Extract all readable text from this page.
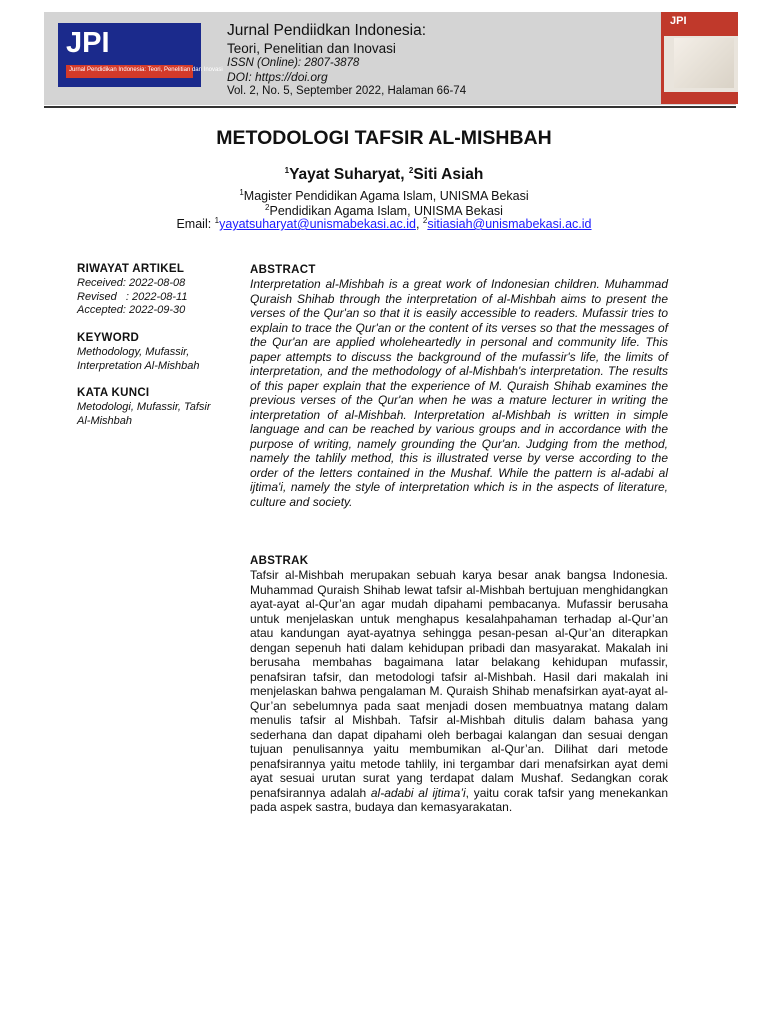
JPI
Jurnal Pendidikan Indonesia: Teori, Penelitian dan Inovasi
Jurnal Pendiidkan Indonesia:
Teori, Penelitian dan Inovasi
ISSN (Online): 2807-3878
DOI: https://doi.org
Vol. 2, No. 5, September 2022, Halaman 66-74
JPI
METODOLOGI TAFSIR AL-MISHBAH
$^1$Yayat Suharyat, $^2$Siti Asiah
$^1$Magister Pendidikan Agama Islam, UNISMA Bekasi
$^2$Pendidikan Agama Islam, UNISMA Bekasi
Email: $^1$yayatsuharyat@unismabekasi.ac.id, $^2$sitiasiah@unismabekasi.ac.id
RIWAYAT ARTIKEL
Received: 2022-08-08
Revised   : 2022-08-11
Accepted: 2022-09-30
KEYWORD
Methodology, Mufassir,
Interpretation Al-Mishbah
KATA KUNCI
Metodologi, Mufassir, Tafsir
Al-Mishbah
ABSTRACT
Interpretation al-Mishbah is a great work of Indonesian children. Muhammad Quraish Shihab through the interpretation of al-Mishbah aims to present the verses of the Qur'an so that it is easily accessible to readers. Mufassir tries to explain to trace the Qur'an or the content of its verses so that the messages of the Qur'an are applied wholeheartedly in personal and community life. This paper attempts to discuss the background of the mufassir's life, the limits of interpretation, and the methodology of al-Mishbah's interpretation. The results of this paper explain that the experience of M. Quraish Shihab examines the previous verses of the Qur'an when he was a mature lecturer in writing the interpretation of al-Mishbah. Interpretation al-Mishbah is written in simple language and can be reached by various groups and in accordance with the purpose of writing, namely grounding the Qur'an. Judging from the method, namely the tahlily method, this is illustrated verse by verse according to the order of the letters contained in the Mushaf. While the pattern is al-adabi al ijtima'i, namely the style of interpretation which is in the aspects of literature, culture and society.
ABSTRAK
Tafsir al-Mishbah merupakan sebuah karya besar anak bangsa Indonesia. Muhammad Quraish Shihab lewat tafsir al-Mishbah bertujuan menghidangkan ayat-ayat al-Qur’an agar mudah dipahami pembacanya. Mufassir berusaha untuk menjelaskan untuk menghapus kesalahpahaman terhadap al-Qur’an atau kandungan ayat-ayatnya sehingga pesan-pesan al-Qur’an diterapkan dengan sepenuh hati dalam kehidupan pribadi dan masyarakat. Makalah ini berusaha membahas bagaimana latar belakang kehidupan mufassir, penafsiran tafsir, dan metodologi tafsir al-Mishbah. Hasil dari makalah ini menjelaskan bahwa pengalaman M. Quraish Shihab menafsirkan ayat-ayat al-Qur’an sebelumnya pada saat menjadi dosen membuatnya matang dalam menulis tafsir al Mishbah. Tafsir al-Mishbah ditulis dalam bahasa yang sederhana dan dapat dipahami oleh berbagai kalangan dan sesuai dengan tujuan penulisannya yaitu membumikan al-Qur’an. Dilihat dari metode penafsirannya yaitu metode tahlily, ini tergambar dari menafsirkan ayat demi ayat sesuai urutan surat yang terdapat dalam Mushaf. Sedangkan corak penafsirannya adalah al-adabi al ijtima’i, yaitu corak tafsir yang menekankan pada aspek sastra, budaya dan kemasyarakatan.
